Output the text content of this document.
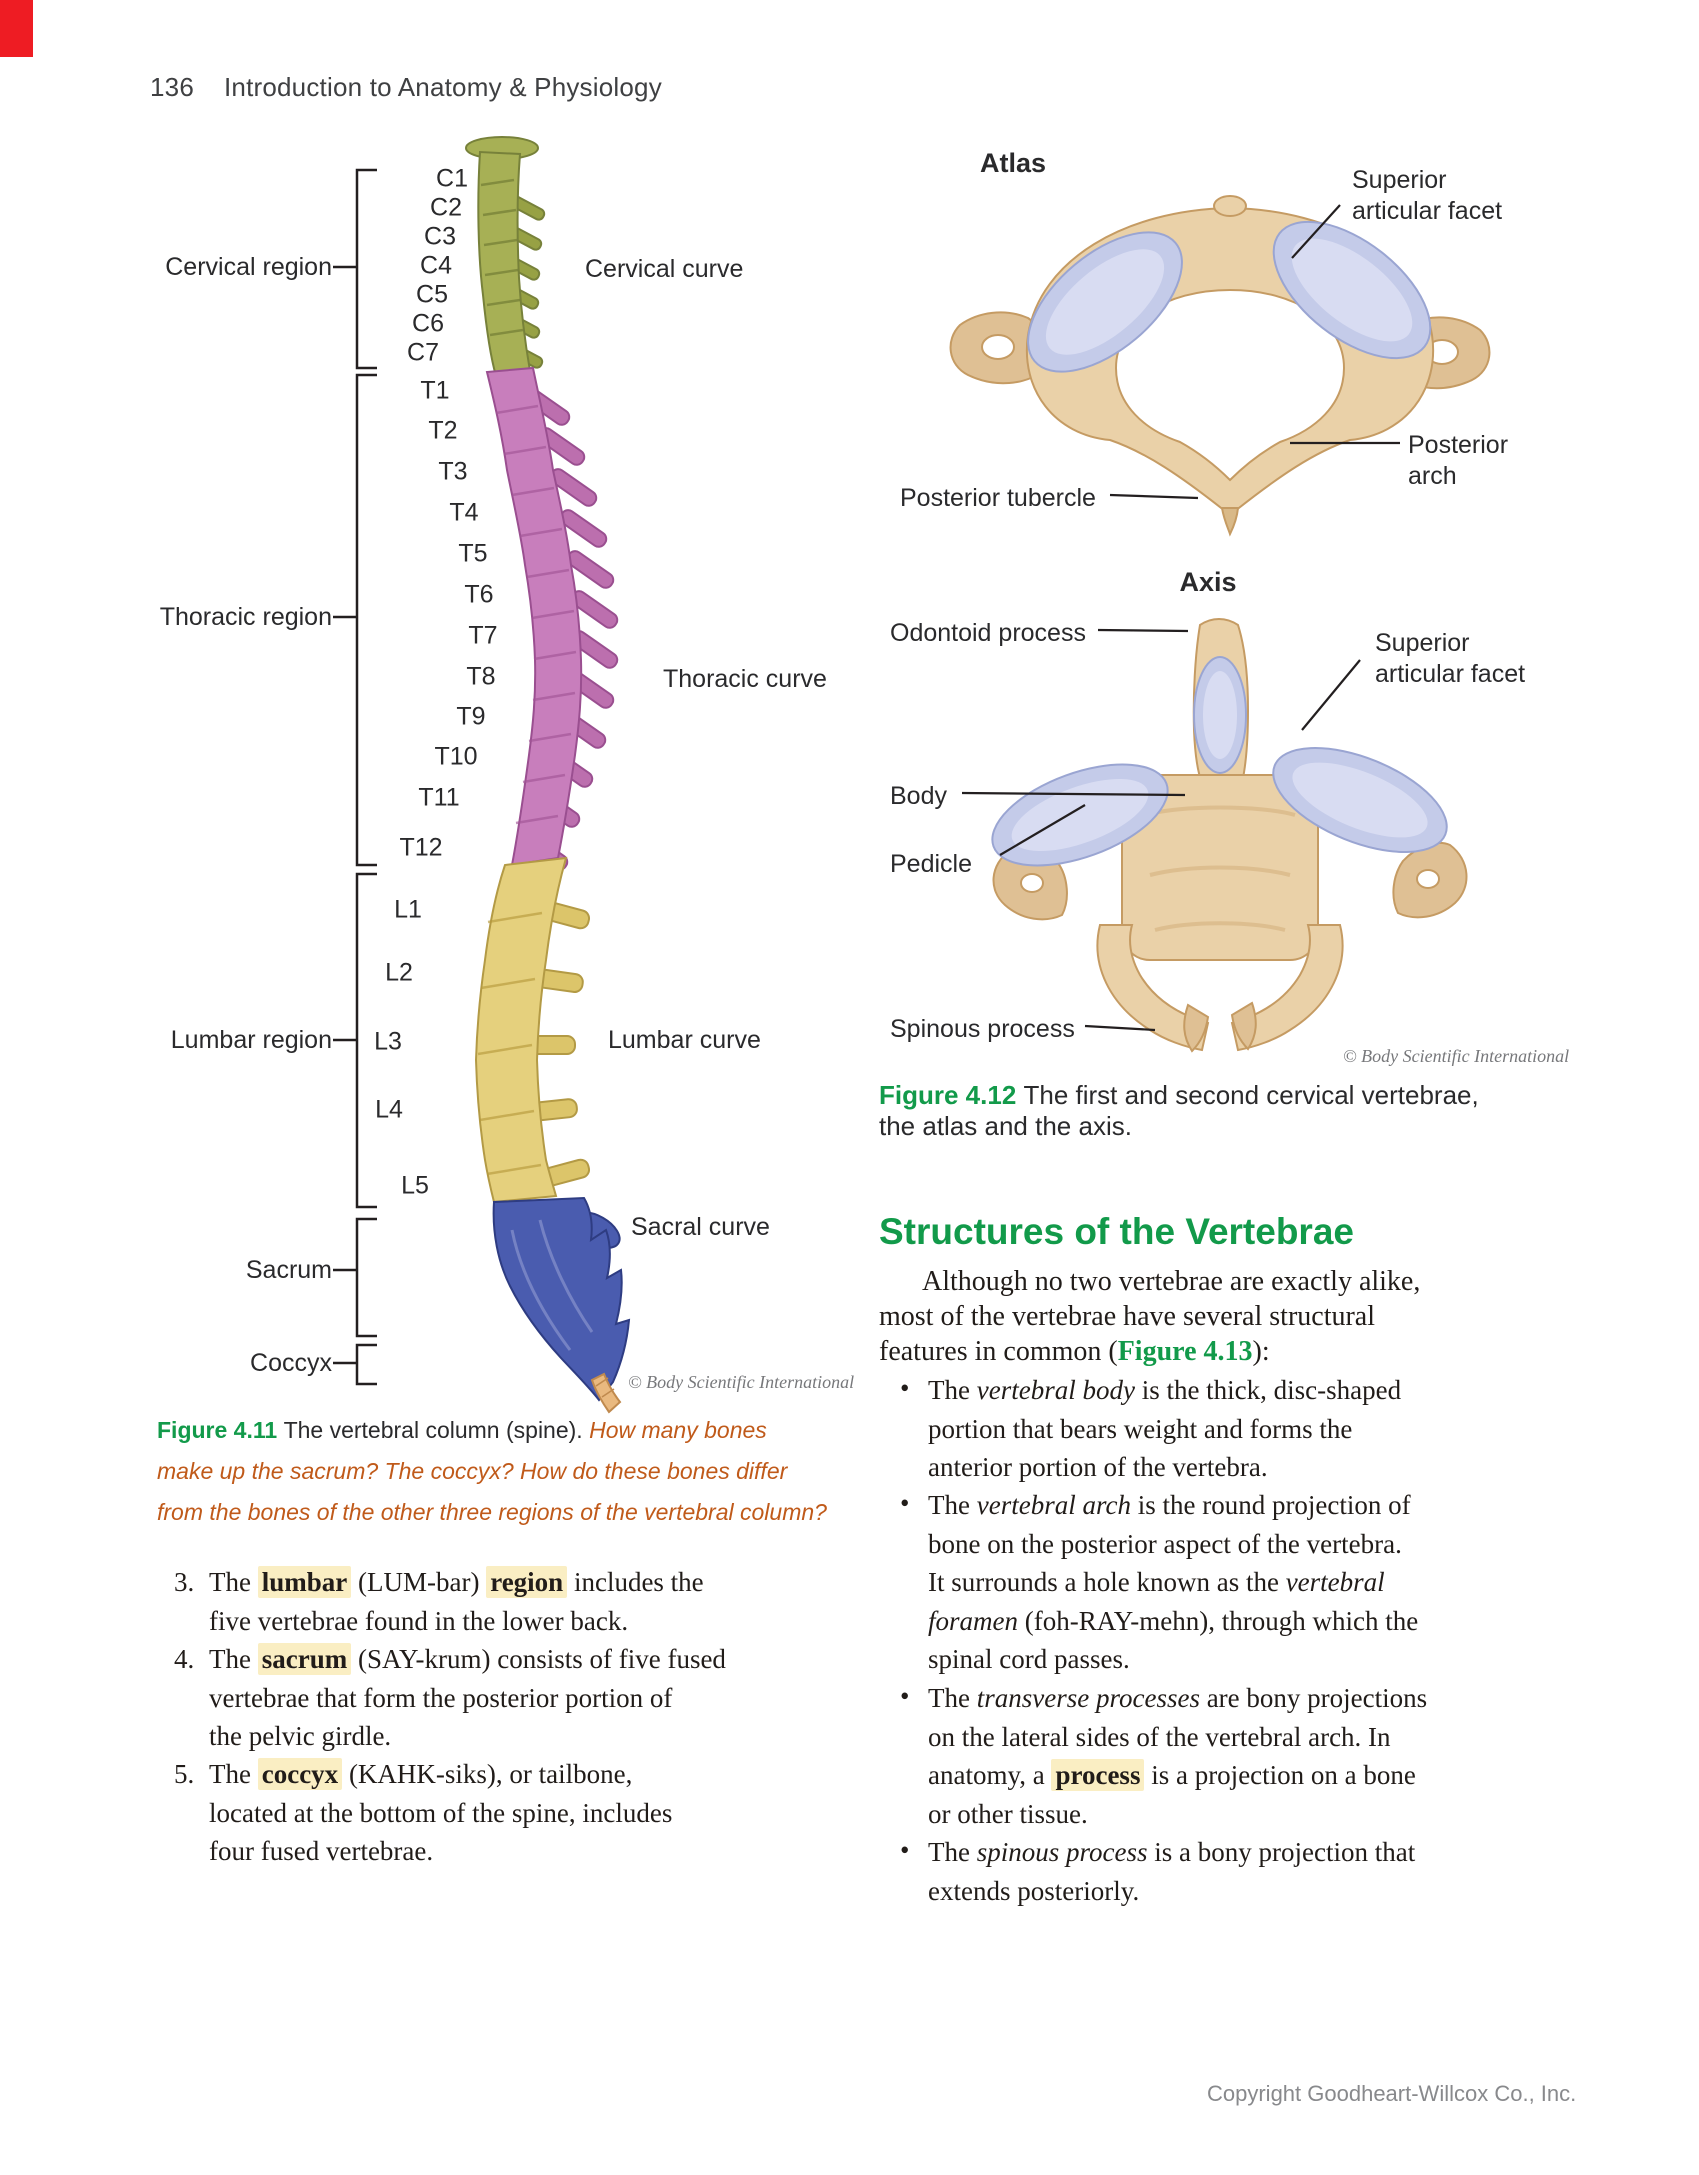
136 Introduction to Anatomy & Physiology
Cervical region
Thoracic region
Lumbar region
Sacrum
Coccyx
Cervical curve
Thoracic curve
Lumbar curve
Sacral curve
C1
C2
C3
C4
C5
C6
C7
T1
T2
T3
T4
T5
T6
T7
T8
T9
T10
T11
T12
L1
L2
L3
L4
L5
© Body Scientific International
Figure 4.11 The vertebral column (spine). How many bones
make up the sacrum? The coccyx? How do these bones differ
from the bones of the other three regions of the vertebral column?
3. The lumbar (LUM-bar) region includes the
five vertebrae found in the lower back.
4. The sacrum (SAY-krum) consists of five fused
vertebrae that form the posterior portion of
the pelvic girdle.
5. The coccyx (KAHK-siks), or tailbone,
located at the bottom of the spine, includes
four fused vertebrae.
Atlas
Superior articular facet
Posterior arch
Posterior tubercle
Axis
Odontoid process	Superior articular facet
Body
Pedicle
Spinous process
© Body Scientific International
Figure 4.12 The first and second cervical vertebrae,
the atlas and the axis.
Structures of the Vertebrae
Although no two vertebrae are exactly alike,
most of the vertebrae have several structural
features in common (Figure 4.13):
• The vertebral body is the thick, disc-shaped
portion that bears weight and forms the
anterior portion of the vertebra.
• The vertebral arch is the round projection of
bone on the posterior aspect of the vertebra.
It surrounds a hole known as the vertebral
foramen (foh-RAY-mehn), through which the
spinal cord passes.
• The transverse processes are bony projections
on the lateral sides of the vertebral arch. In
anatomy, a process is a projection on a bone
or other tissue.
• The spinous process is a bony projection that
extends posteriorly.
Copyright Goodheart-Willcox Co., Inc.
